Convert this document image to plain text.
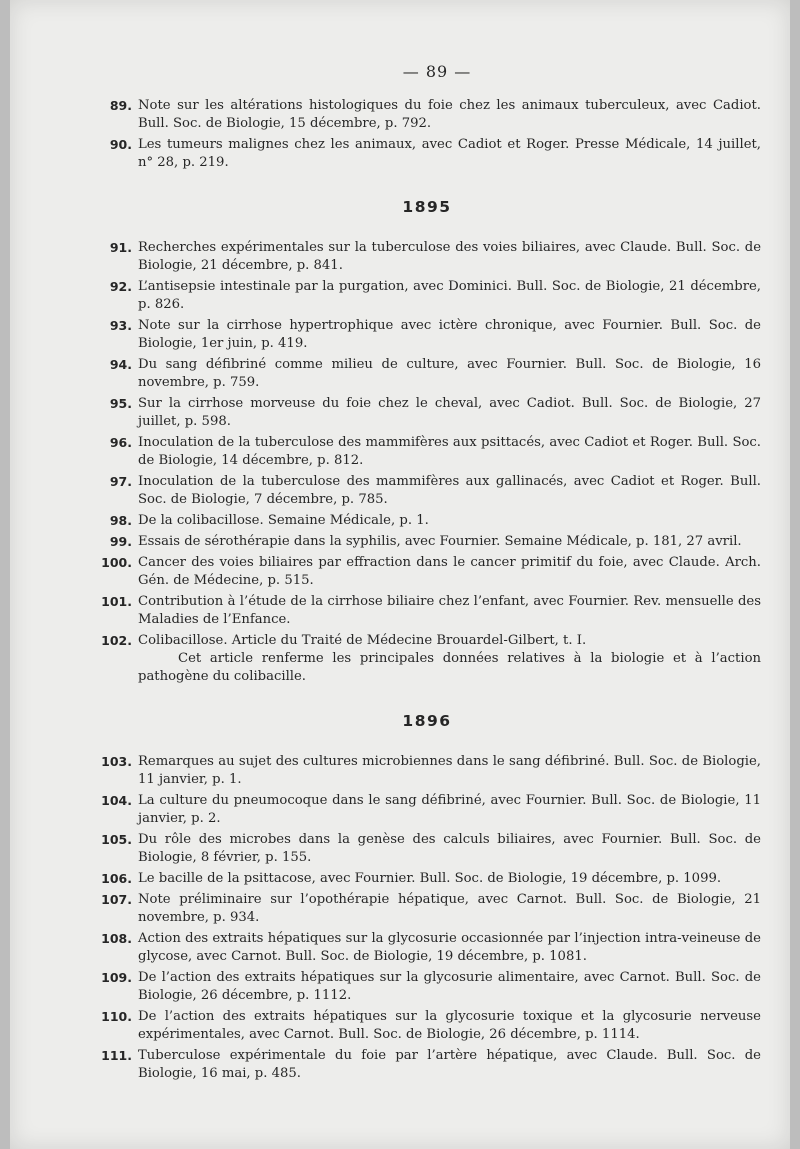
— 89 —
89. Note sur les altérations histologiques du foie chez les animaux tuberculeux, avec Cadiot. Bull. Soc. de Biologie, 15 décembre, p. 792.
90. Les tumeurs malignes chez les animaux, avec Cadiot et Roger. Presse Médicale, 14 juillet, n° 28, p. 219.
1895
91. Recherches expérimentales sur la tuberculose des voies biliaires, avec Claude. Bull. Soc. de Biologie, 21 décembre, p. 841.
92. L’antisepsie intestinale par la purgation, avec Dominici. Bull. Soc. de Biologie, 21 décembre, p. 826.
93. Note sur la cirrhose hypertrophique avec ictère chronique, avec Fournier. Bull. Soc. de Biologie, 1er juin, p. 419.
94. Du sang défibriné comme milieu de culture, avec Fournier. Bull. Soc. de Biologie, 16 novembre, p. 759.
95. Sur la cirrhose morveuse du foie chez le cheval, avec Cadiot. Bull. Soc. de Biologie, 27 juillet, p. 598.
96. Inoculation de la tuberculose des mammifères aux psittacés, avec Cadiot et Roger. Bull. Soc. de Biologie, 14 décembre, p. 812.
97. Inoculation de la tuberculose des mammifères aux gallinacés, avec Cadiot et Roger. Bull. Soc. de Biologie, 7 décembre, p. 785.
98. De la colibacillose. Semaine Médicale, p. 1.
99. Essais de sérothérapie dans la syphilis, avec Fournier. Semaine Médicale, p. 181, 27 avril.
100. Cancer des voies biliaires par effraction dans le cancer primitif du foie, avec Claude. Arch. Gén. de Médecine, p. 515.
101. Contribution à l’étude de la cirrhose biliaire chez l’enfant, avec Fournier. Rev. mensuelle des Maladies de l’Enfance.
102. Colibacillose. Article du Traité de Médecine Brouardel-Gilbert, t. I.
Cet article renferme les principales données relatives à la biologie et à l’action pathogène du colibacille.
1896
103. Remarques au sujet des cultures microbiennes dans le sang défibriné. Bull. Soc. de Biologie, 11 janvier, p. 1.
104. La culture du pneumocoque dans le sang défibriné, avec Fournier. Bull. Soc. de Biologie, 11 janvier, p. 2.
105. Du rôle des microbes dans la genèse des calculs biliaires, avec Fournier. Bull. Soc. de Biologie, 8 février, p. 155.
106. Le bacille de la psittacose, avec Fournier. Bull. Soc. de Biologie, 19 décembre, p. 1099.
107. Note préliminaire sur l’opothérapie hépatique, avec Carnot. Bull. Soc. de Biologie, 21 novembre, p. 934.
108. Action des extraits hépatiques sur la glycosurie occasionnée par l’injection intra-veineuse de glycose, avec Carnot. Bull. Soc. de Biologie, 19 décembre, p. 1081.
109. De l’action des extraits hépatiques sur la glycosurie alimentaire, avec Carnot. Bull. Soc. de Biologie, 26 décembre, p. 1112.
110. De l’action des extraits hépatiques sur la glycosurie toxique et la glycosurie nerveuse expérimentales, avec Carnot. Bull. Soc. de Biologie, 26 décembre, p. 1114.
111. Tuberculose expérimentale du foie par l’artère hépatique, avec Claude. Bull. Soc. de Biologie, 16 mai, p. 485.
